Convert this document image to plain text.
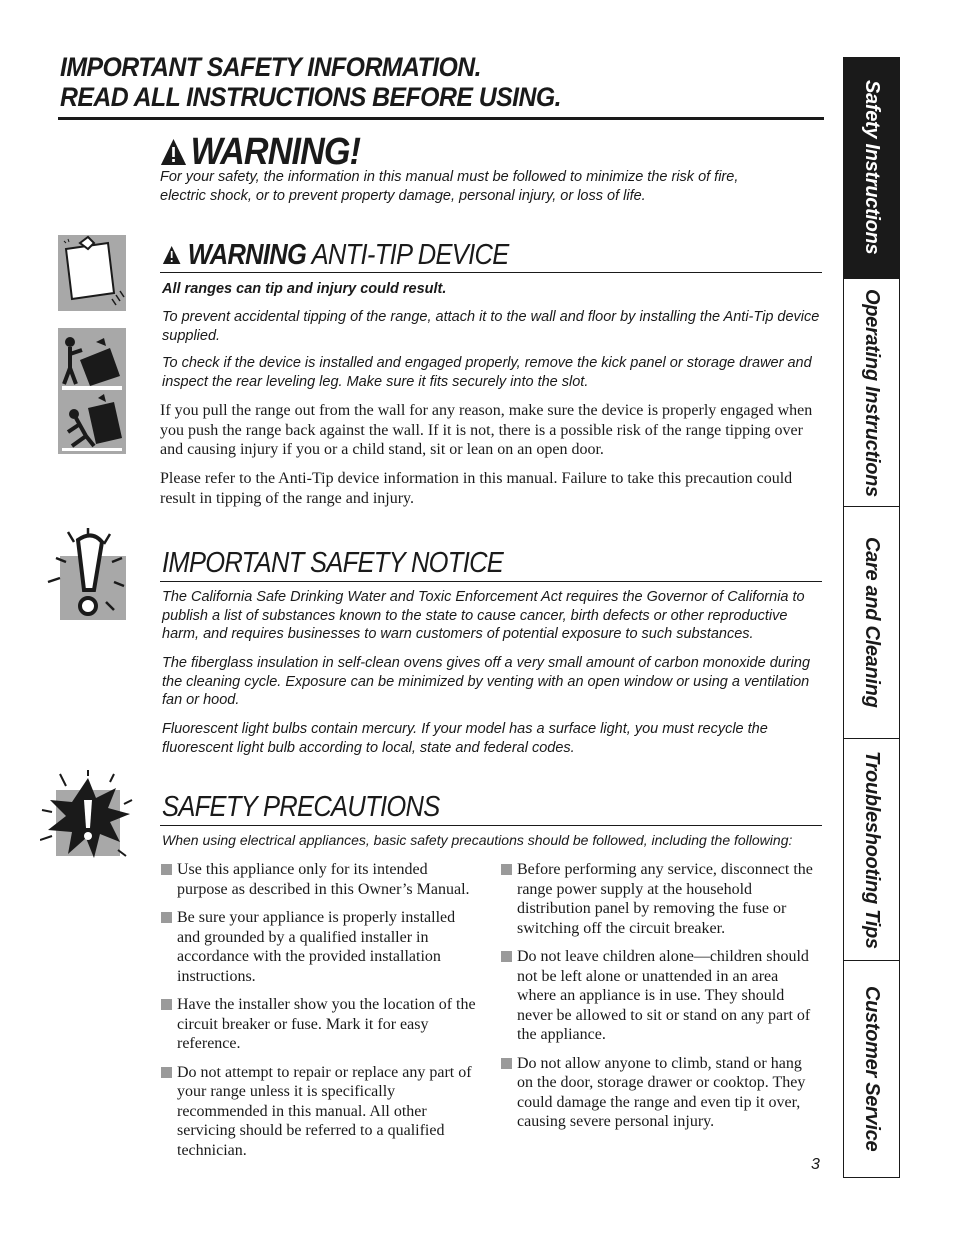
IMPORTANT SAFETY INFORMATION.
READ ALL INSTRUCTIONS BEFORE USING.
WARNING!
For your safety, the information in this manual must be followed to minimize the risk of fire, electric shock, or to prevent property damage, personal injury, or loss of life.
WARNING ANTI-TIP DEVICE
All ranges can tip and injury could result.
To prevent accidental tipping of the range, attach it to the wall and floor by installing the Anti-Tip device supplied.
To check if the device is installed and engaged properly, remove the kick panel or storage drawer and inspect the rear leveling leg. Make sure it fits securely into the slot.
If you pull the range out from the wall for any reason, make sure the device is properly engaged when you push the range back against the wall. If it is not, there is a possible risk of the range tipping over and causing injury if you or a child stand, sit or lean on an open door.
Please refer to the Anti-Tip device information in this manual. Failure to take this precaution could result in tipping of the range and injury.
IMPORTANT SAFETY NOTICE
The California Safe Drinking Water and Toxic Enforcement Act requires the Governor of California to publish a list of substances known to the state to cause cancer, birth defects or other reproductive harm, and requires businesses to warn customers of potential exposure to such substances.
The fiberglass insulation in self-clean ovens gives off a very small amount of carbon monoxide during the cleaning cycle. Exposure can be minimized by venting with an open window or using a ventilation fan or hood.
Fluorescent light bulbs contain mercury. If your model has a surface light, you must recycle the fluorescent light bulb according to local, state and federal codes.
SAFETY PRECAUTIONS
When using electrical appliances, basic safety precautions should be followed, including the following:
Use this appliance only for its intended purpose as described in this Owner’s Manual.
Be sure your appliance is properly installed and grounded by a qualified installer in accordance with the provided installation instructions.
Have the installer show you the location of the circuit breaker or fuse. Mark it for easy reference.
Do not attempt to repair or replace any part of your range unless it is specifically recommended in this manual. All other servicing should be referred to a qualified technician.
Before performing any service, disconnect the range power supply at the household distribution panel by removing the fuse or switching off the circuit breaker.
Do not leave children alone—children should not be left alone or unattended in an area where an appliance is in use. They should never be allowed to sit or stand on any part of the appliance.
Do not allow anyone to climb, stand or hang on the door, storage drawer or cooktop. They could damage the range and even tip it over, causing severe personal injury.
3
Safety Instructions
Operating Instructions
Care and Cleaning
Troubleshooting Tips
Customer Service
